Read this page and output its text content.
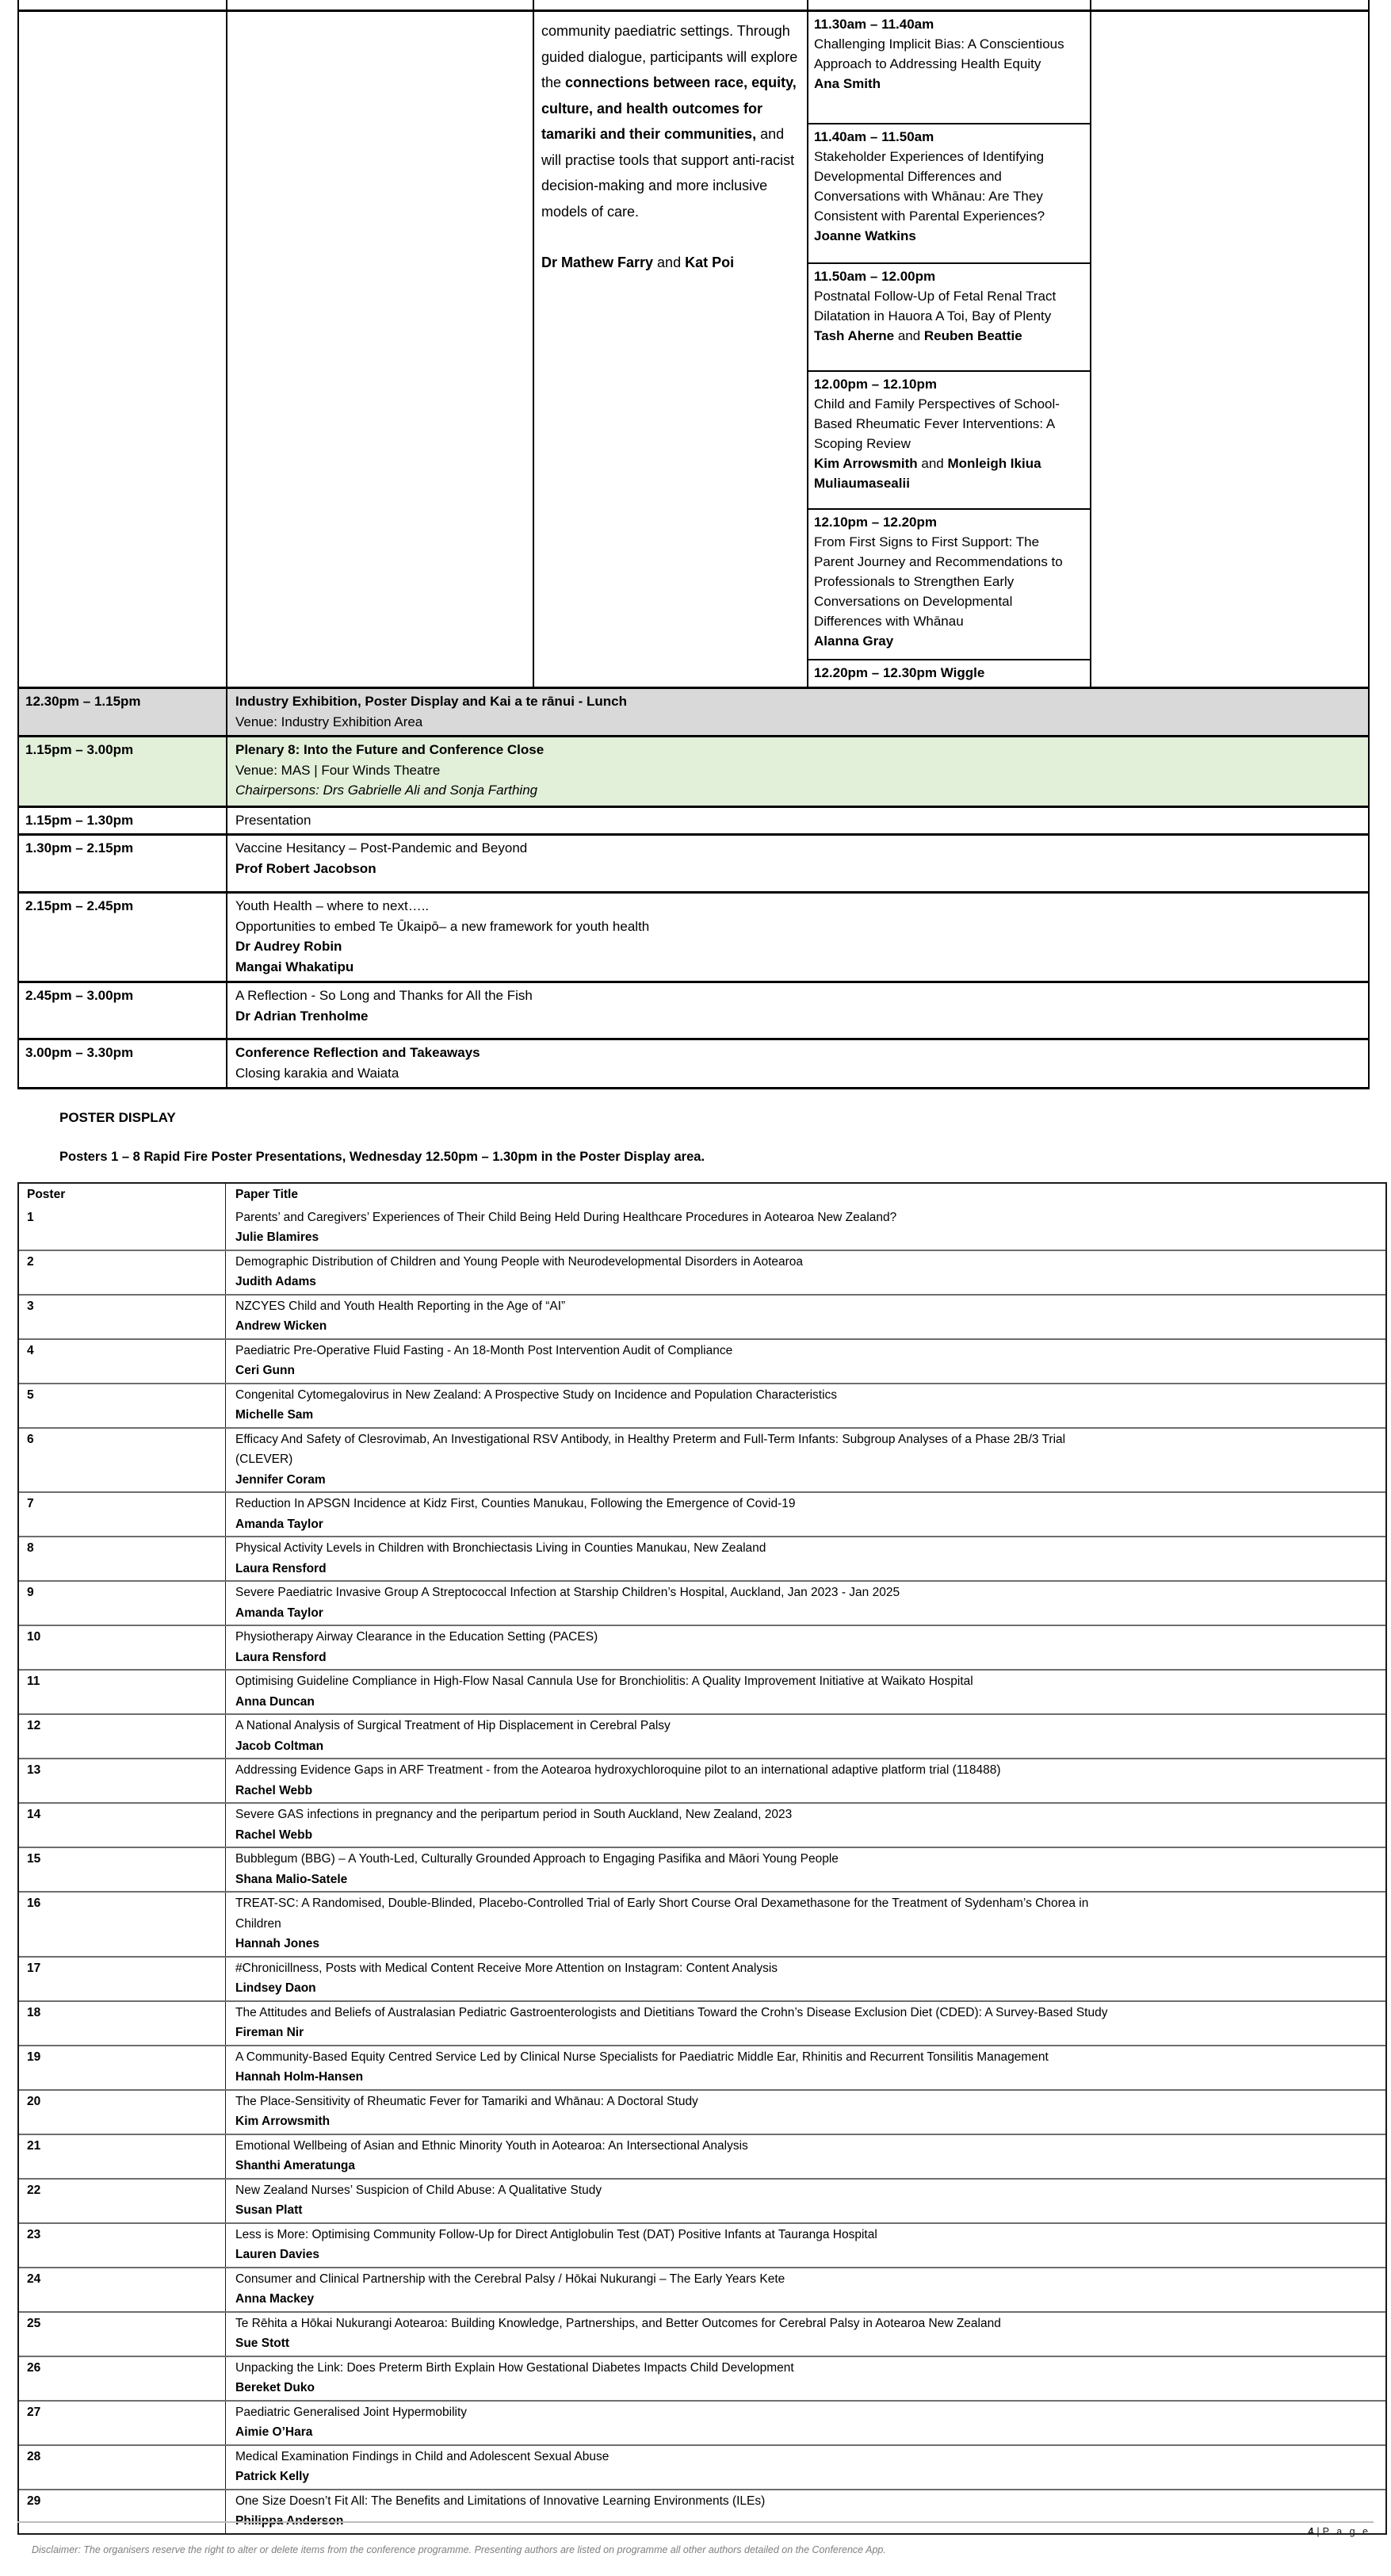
community paediatric settings. Through guided dialogue, participants will explore the connections between race, equity, culture, and health outcomes for tamariki and their communities, and will practise tools that support anti-racist decision-making and more inclusive models of care.
Dr Mathew Farry and Kat Poi
11.30am – 11.40am
Challenging Implicit Bias: A Conscientious Approach to Addressing Health Equity
Ana Smith
11.40am – 11.50am
Stakeholder Experiences of Identifying Developmental Differences and Conversations with Whānau: Are They Consistent with Parental Experiences?
Joanne Watkins
11.50am – 12.00pm
Postnatal Follow-Up of Fetal Renal Tract Dilatation in Hauora A Toi, Bay of Plenty
Tash Aherne and Reuben Beattie
12.00pm – 12.10pm
Child and Family Perspectives of School-Based Rheumatic Fever Interventions: A Scoping Review
Kim Arrowsmith and Monleigh Ikiua Muliaumasealii
12.10pm – 12.20pm
From First Signs to First Support: The Parent Journey and Recommendations to Professionals to Strengthen Early Conversations on Developmental Differences with Whānau
Alanna Gray
12.20pm – 12.30pm Wiggle
12.30pm – 1.15pm	Industry Exhibition, Poster Display and Kai a te rānui - Lunch
Venue: Industry Exhibition Area
1.15pm – 3.00pm	Plenary 8: Into the Future and Conference Close
Venue: MAS | Four Winds Theatre
Chairpersons: Drs Gabrielle Ali and Sonja Farthing
1.15pm – 1.30pm	Presentation
1.30pm – 2.15pm	Vaccine Hesitancy – Post-Pandemic and Beyond
Prof Robert Jacobson
2.15pm – 2.45pm	Youth Health – where to next…..
Opportunities to embed Te Ūkaipō– a new framework for youth health
Dr Audrey Robin
Mangai Whakatipu
2.45pm – 3.00pm	A Reflection - So Long and Thanks for All the Fish
Dr Adrian Trenholme
3.00pm – 3.30pm	Conference Reflection and Takeaways
Closing karakia and Waiata
POSTER DISPLAY

Posters 1 – 8 Rapid Fire Poster Presentations, Wednesday 12.50pm – 1.30pm in the Poster Display area.

Poster	Paper Title
1	Parents’ and Caregivers’ Experiences of Their Child Being Held During Healthcare Procedures in Aotearoa New Zealand?
Julie Blamires
2	Demographic Distribution of Children and Young People with Neurodevelopmental Disorders in Aotearoa
Judith Adams
3	NZCYES Child and Youth Health Reporting in the Age of “AI”
Andrew Wicken
4	Paediatric Pre-Operative Fluid Fasting - An 18-Month Post Intervention Audit of Compliance
Ceri Gunn
5	Congenital Cytomegalovirus in New Zealand: A Prospective Study on Incidence and Population Characteristics
Michelle Sam
6	Efficacy And Safety of Clesrovimab, An Investigational RSV Antibody, in Healthy Preterm and Full-Term Infants: Subgroup Analyses of a Phase 2B/3 Trial
(CLEVER)
Jennifer Coram
7	Reduction In APSGN Incidence at Kidz First, Counties Manukau, Following the Emergence of Covid-19
Amanda Taylor
8	Physical Activity Levels in Children with Bronchiectasis Living in Counties Manukau, New Zealand
Laura Rensford
9	Severe Paediatric Invasive Group A Streptococcal Infection at Starship Children’s Hospital, Auckland, Jan 2023 - Jan 2025
Amanda Taylor
10	Physiotherapy Airway Clearance in the Education Setting (PACES)
Laura Rensford
11	Optimising Guideline Compliance in High-Flow Nasal Cannula Use for Bronchiolitis: A Quality Improvement Initiative at Waikato Hospital
Anna Duncan
12	A National Analysis of Surgical Treatment of Hip Displacement in Cerebral Palsy
Jacob Coltman
13	Addressing Evidence Gaps in ARF Treatment - from the Aotearoa hydroxychloroquine pilot to an international adaptive platform trial (118488)
Rachel Webb
14	Severe GAS infections in pregnancy and the peripartum period in South Auckland, New Zealand, 2023
Rachel Webb
15	Bubblegum (BBG) – A Youth-Led, Culturally Grounded Approach to Engaging Pasifika and Māori Young People
Shana Malio-Satele
16	TREAT-SC: A Randomised, Double-Blinded, Placebo-Controlled Trial of Early Short Course Oral Dexamethasone for the Treatment of Sydenham’s Chorea in
Children
Hannah Jones
17	#Chronicillness, Posts with Medical Content Receive More Attention on Instagram: Content Analysis
Lindsey Daon
18	The Attitudes and Beliefs of Australasian Pediatric Gastroenterologists and Dietitians Toward the Crohn’s Disease Exclusion Diet (CDED): A Survey-Based Study
Fireman Nir
19	A Community-Based Equity Centred Service Led by Clinical Nurse Specialists for Paediatric Middle Ear, Rhinitis and Recurrent Tonsilitis Management
Hannah Holm-Hansen
20	The Place-Sensitivity of Rheumatic Fever for Tamariki and Whānau: A Doctoral Study
Kim Arrowsmith
21	Emotional Wellbeing of Asian and Ethnic Minority Youth in Aotearoa: An Intersectional Analysis
Shanthi Ameratunga
22	New Zealand Nurses’ Suspicion of Child Abuse: A Qualitative Study
Susan Platt
23	Less is More: Optimising Community Follow-Up for Direct Antiglobulin Test (DAT) Positive Infants at Tauranga Hospital
Lauren Davies
24	Consumer and Clinical Partnership with the Cerebral Palsy / Hōkai Nukurangi – The Early Years Kete
Anna Mackey
25	Te Rēhita a Hōkai Nukurangi Aotearoa: Building Knowledge, Partnerships, and Better Outcomes for Cerebral Palsy in Aotearoa New Zealand
Sue Stott
26	Unpacking the Link: Does Preterm Birth Explain How Gestational Diabetes Impacts Child Development
Bereket Duko
27	Paediatric Generalised Joint Hypermobility
Aimie O’Hara
28	Medical Examination Findings in Child and Adolescent Sexual Abuse
Patrick Kelly
29	One Size Doesn’t Fit All: The Benefits and Limitations of Innovative Learning Environments (ILEs)
Philippa Anderson
4 | P a g e
Disclaimer: The organisers reserve the right to alter or delete items from the conference programme. Presenting authors are listed on programme all other authors detailed on the Conference App.
